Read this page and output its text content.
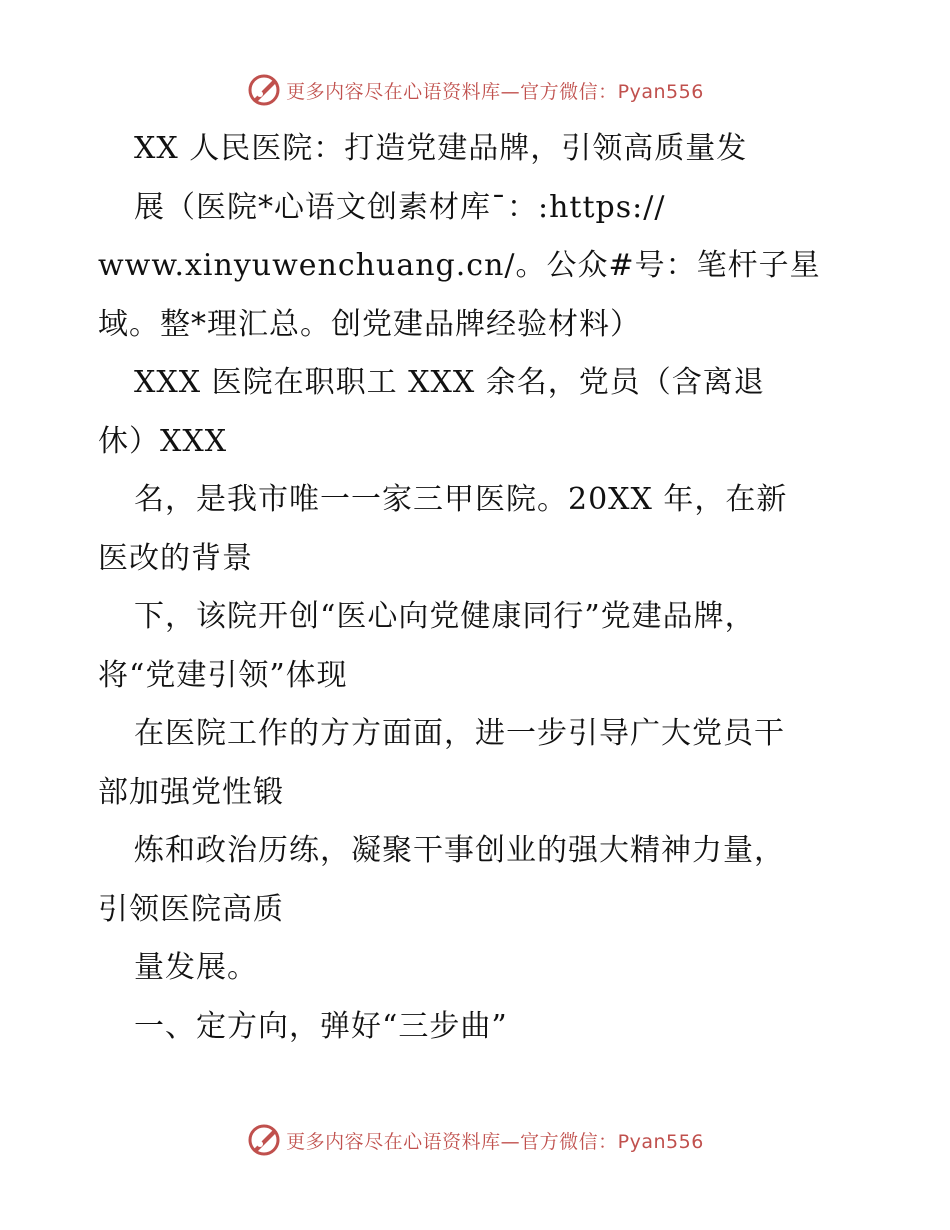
更多内容尽在心语资料库—官方微信：Pyan556

XX 人民医院：打造党建品牌，引领高质量发

展（医院*心语文创素材库¯：:https://

www.xinyuwenchuang.cn/。公众#号：笔杆子星

域。整*理汇总。创党建品牌经验材料）

XXX 医院在职职工 XXX 余名，党员（含离退

休）XXX

名，是我市唯一一家三甲医院。20XX 年，在新

医改的背景

下，该院开创“医心向党健康同行”党建品牌，

将“党建引领”体现

在医院工作的方方面面，进一步引导广大党员干

部加强党性锻

炼和政治历练，凝聚干事创业的强大精神力量，

引领医院高质

量发展。

一、定方向，弹好“三步曲”

更多内容尽在心语资料库—官方微信：Pyan556
